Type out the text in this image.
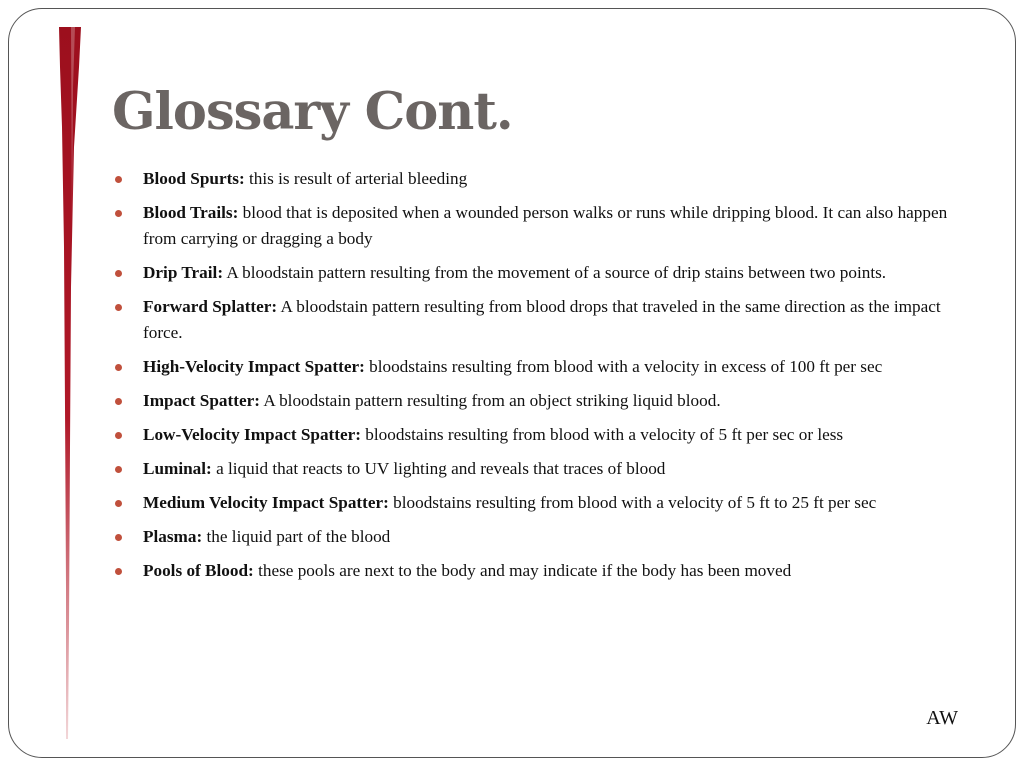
Glossary Cont.
Blood Spurts: this is result of arterial bleeding
Blood Trails: blood that is deposited when a wounded person walks or runs while dripping blood. It can also happen from carrying or dragging a body
Drip Trail: A bloodstain pattern resulting from the movement of a source of drip stains between two points.
Forward Splatter: A bloodstain pattern resulting from blood drops that traveled in the same direction as the impact force.
High-Velocity Impact Spatter: bloodstains resulting from blood with a velocity in excess of 100 ft per sec
Impact Spatter: A bloodstain pattern resulting from an object striking liquid blood.
Low-Velocity Impact Spatter: bloodstains resulting from blood with a velocity of 5 ft per sec or less
Luminal: a liquid that reacts to UV lighting and reveals that traces of blood
Medium Velocity Impact Spatter: bloodstains resulting from blood with a velocity of 5 ft to 25 ft per sec
Plasma: the liquid part of the blood
Pools of Blood: these pools are next to the body and may indicate if the body has been moved
AW
